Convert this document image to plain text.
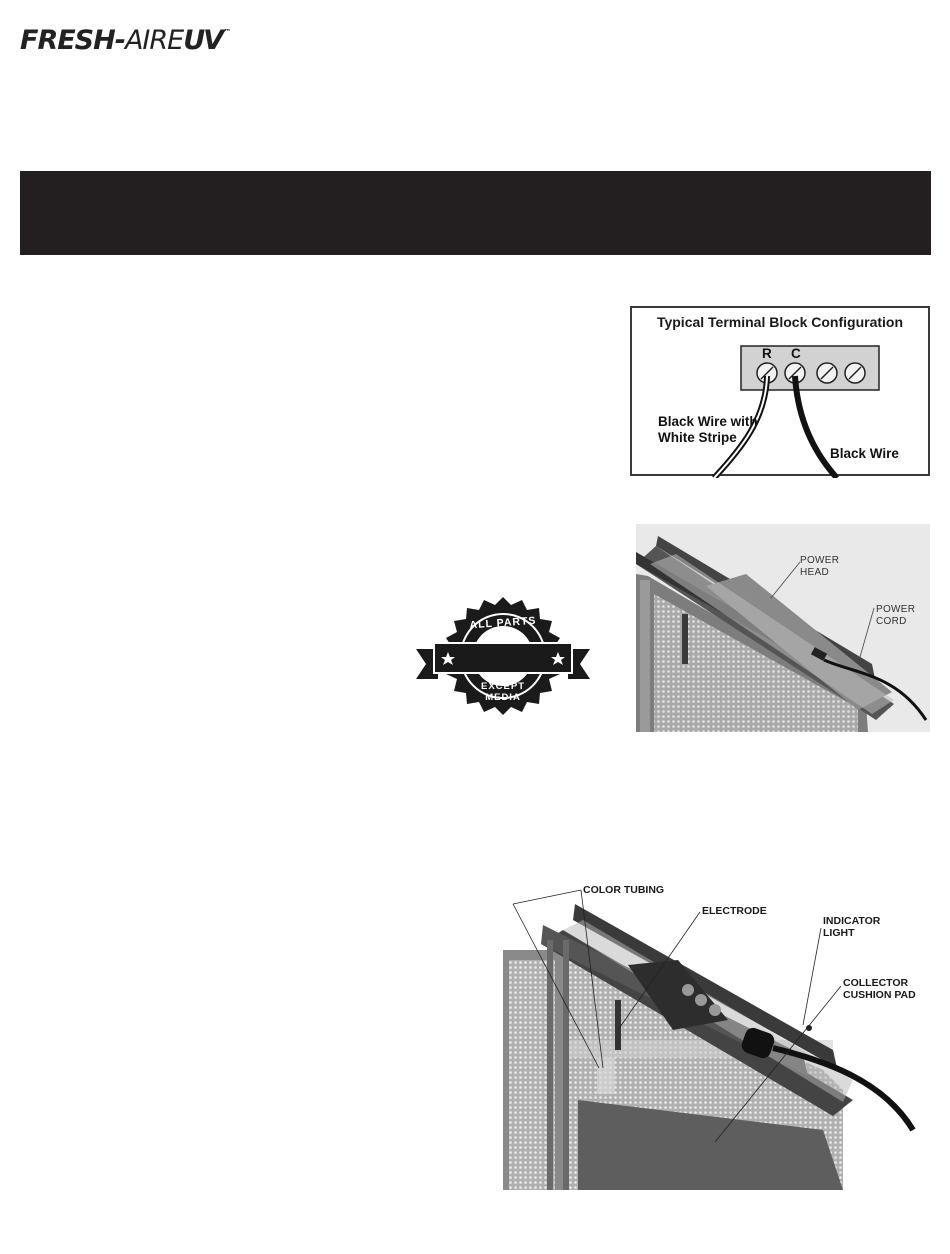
FRESH - AIRE UV ™
Typical Terminal Block Configuration
R C
Black Wire with White Stripe
Black Wire
ALL PARTS
EXCEPT MEDIA
POWER
HEAD
POWER
CORD
COLOR TUBING
ELECTRODE
INDICATOR
LIGHT
COLLECTOR
CUSHION PAD
